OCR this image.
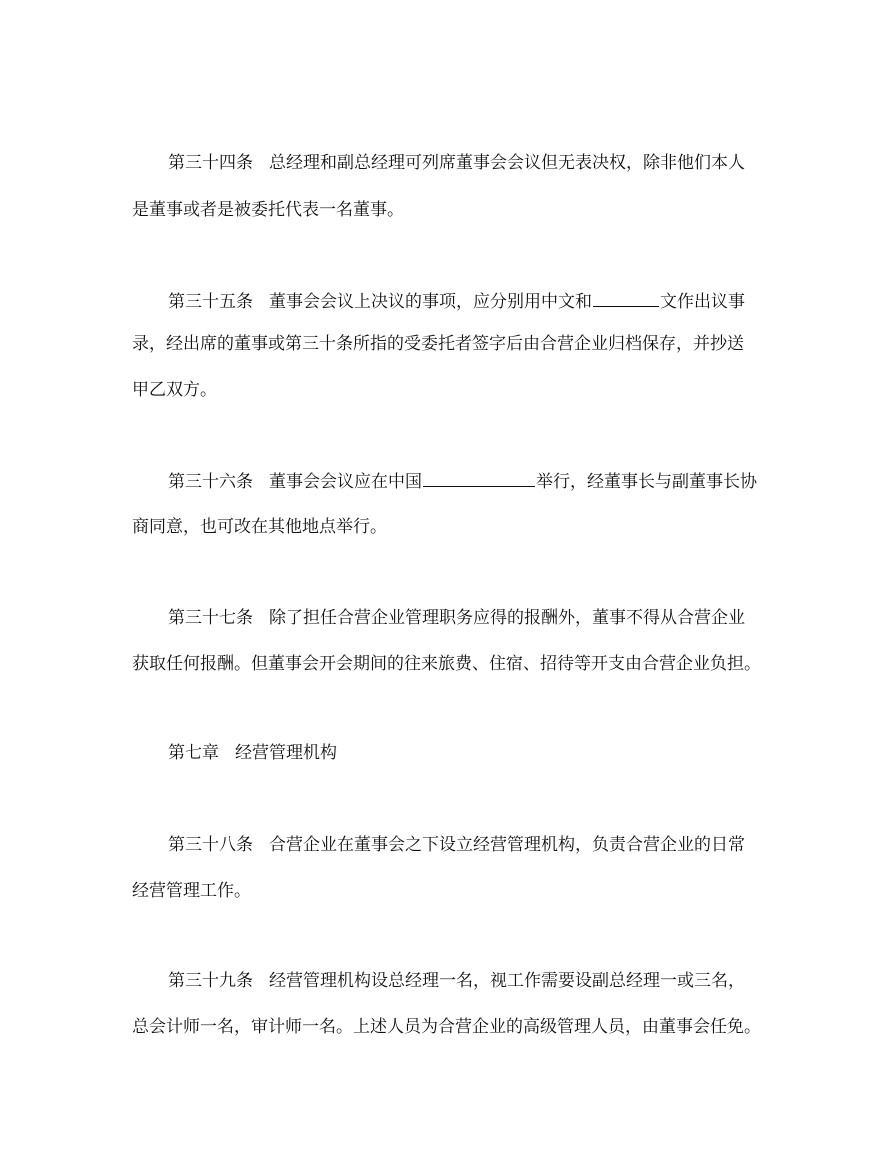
第三十四条 总经理和副总经理可列席董事会会议但无表决权，除非他们本人
是董事或者是被委托代表一名董事。
第三十五条 董事会会议上决议的事项，应分别用中文和	文作出议事
录，经出席的董事或第三十条所指的受委托者签字后由合营企业归档保存，并抄送
甲乙双方。
第三十六条 董事会会议应在中国	举行，经董事长与副董事长协
商同意，也可改在其他地点举行。
第三十七条 除了担任合营企业管理职务应得的报酬外，董事不得从合营企业
获取任何报酬。但董事会开会期间的往来旅费、住宿、招待等开支由合营企业负担。
第七章 经营管理机构
第三十八条 合营企业在董事会之下设立经营管理机构，负责合营企业的日常
经营管理工作。
第三十九条 经营管理机构设总经理一名，视工作需要设副总经理一或三名，
总会计师一名，审计师一名。上述人员为合营企业的高级管理人员，由董事会任免。
